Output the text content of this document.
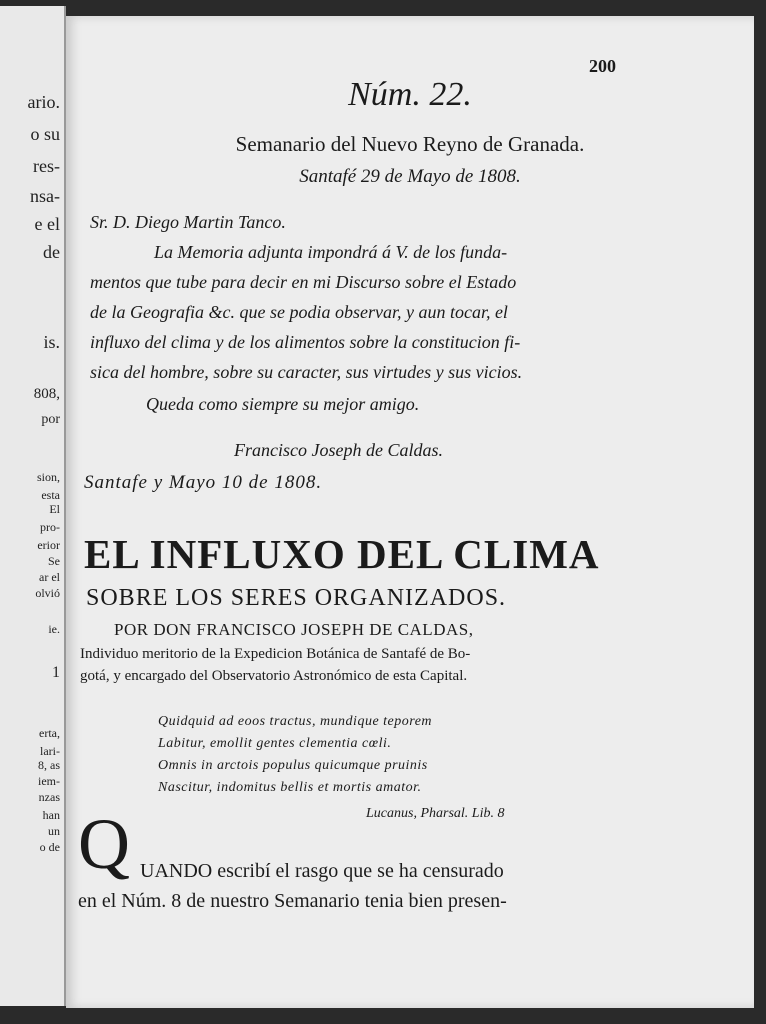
ario.
o su
res-
nsa-
e el
de
is.
808,
por
sion,
esta
El
pro-
erior
Se
ar el
olvió
ie.
1
erta,
lari-
8, as
iem-
nzas
han
un
o de
200
Núm. 22.
Semanario del Nuevo Reyno de Granada.
Santafé 29 de Mayo de 1808.
Sr. D. Diego Martin Tanco.
La Memoria adjunta impondrá á V. de los funda-
mentos que tube para decir en mi Discurso sobre el Estado
de la Geografia &c. que se podia observar, y aun tocar, el
influxo del clima y de los alimentos sobre la constitucion fi-
sica del hombre, sobre su caracter, sus virtudes y sus vicios.
Queda como siempre su mejor amigo.
Francisco Joseph de Caldas.
Santafe y Mayo 10 de 1808.
EL INFLUXO DEL CLIMA
SOBRE LOS SERES ORGANIZADOS.
POR DON FRANCISCO JOSEPH DE CALDAS,
Individuo meritorio de la Expedicion Botánica de Santafé de Bo-
gotá, y encargado del Observatorio Astronómico de esta Capital.
Quidquid ad eoos tractus, mundique teporem
Labitur, emollit gentes clementia cœli.
Omnis in arctois populus quicumque pruinis
Nascitur, indomitus bellis et mortis amator.
Lucanus, Pharsal. Lib. 8
Q UANDO escribí el rasgo que se ha censurado
en el Núm. 8 de nuestro Semanario tenia bien presen-
